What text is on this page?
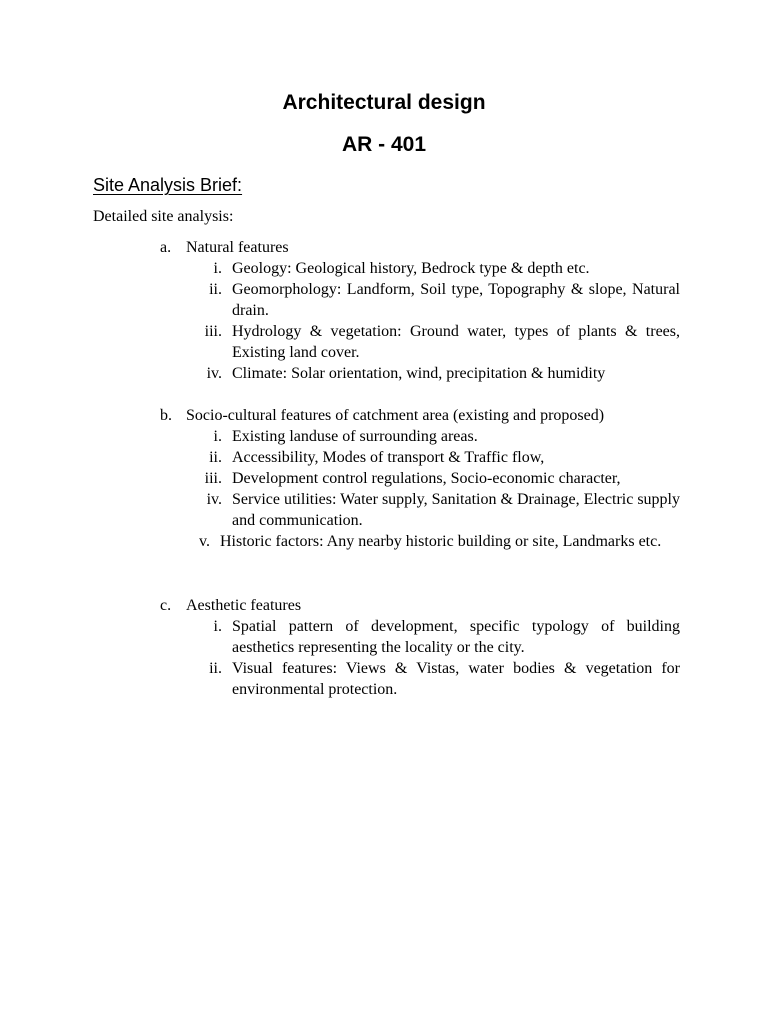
Architectural design
AR - 401
Site Analysis Brief:
Detailed site analysis:
a. Natural features
i. Geology: Geological history, Bedrock type & depth etc.
ii. Geomorphology: Landform, Soil type, Topography & slope, Natural drain.
iii. Hydrology & vegetation: Ground water, types of plants & trees, Existing land cover.
iv. Climate: Solar orientation, wind, precipitation & humidity
b. Socio-cultural features of catchment area (existing and proposed)
i. Existing landuse of surrounding areas.
ii. Accessibility, Modes of transport & Traffic flow,
iii. Development control regulations, Socio-economic character,
iv. Service utilities: Water supply, Sanitation & Drainage, Electric supply and communication.
v. Historic factors: Any nearby historic building or site, Landmarks etc.
c. Aesthetic features
i. Spatial pattern of development, specific typology of building aesthetics representing the locality or the city.
ii. Visual features: Views & Vistas, water bodies & vegetation for environmental protection.
